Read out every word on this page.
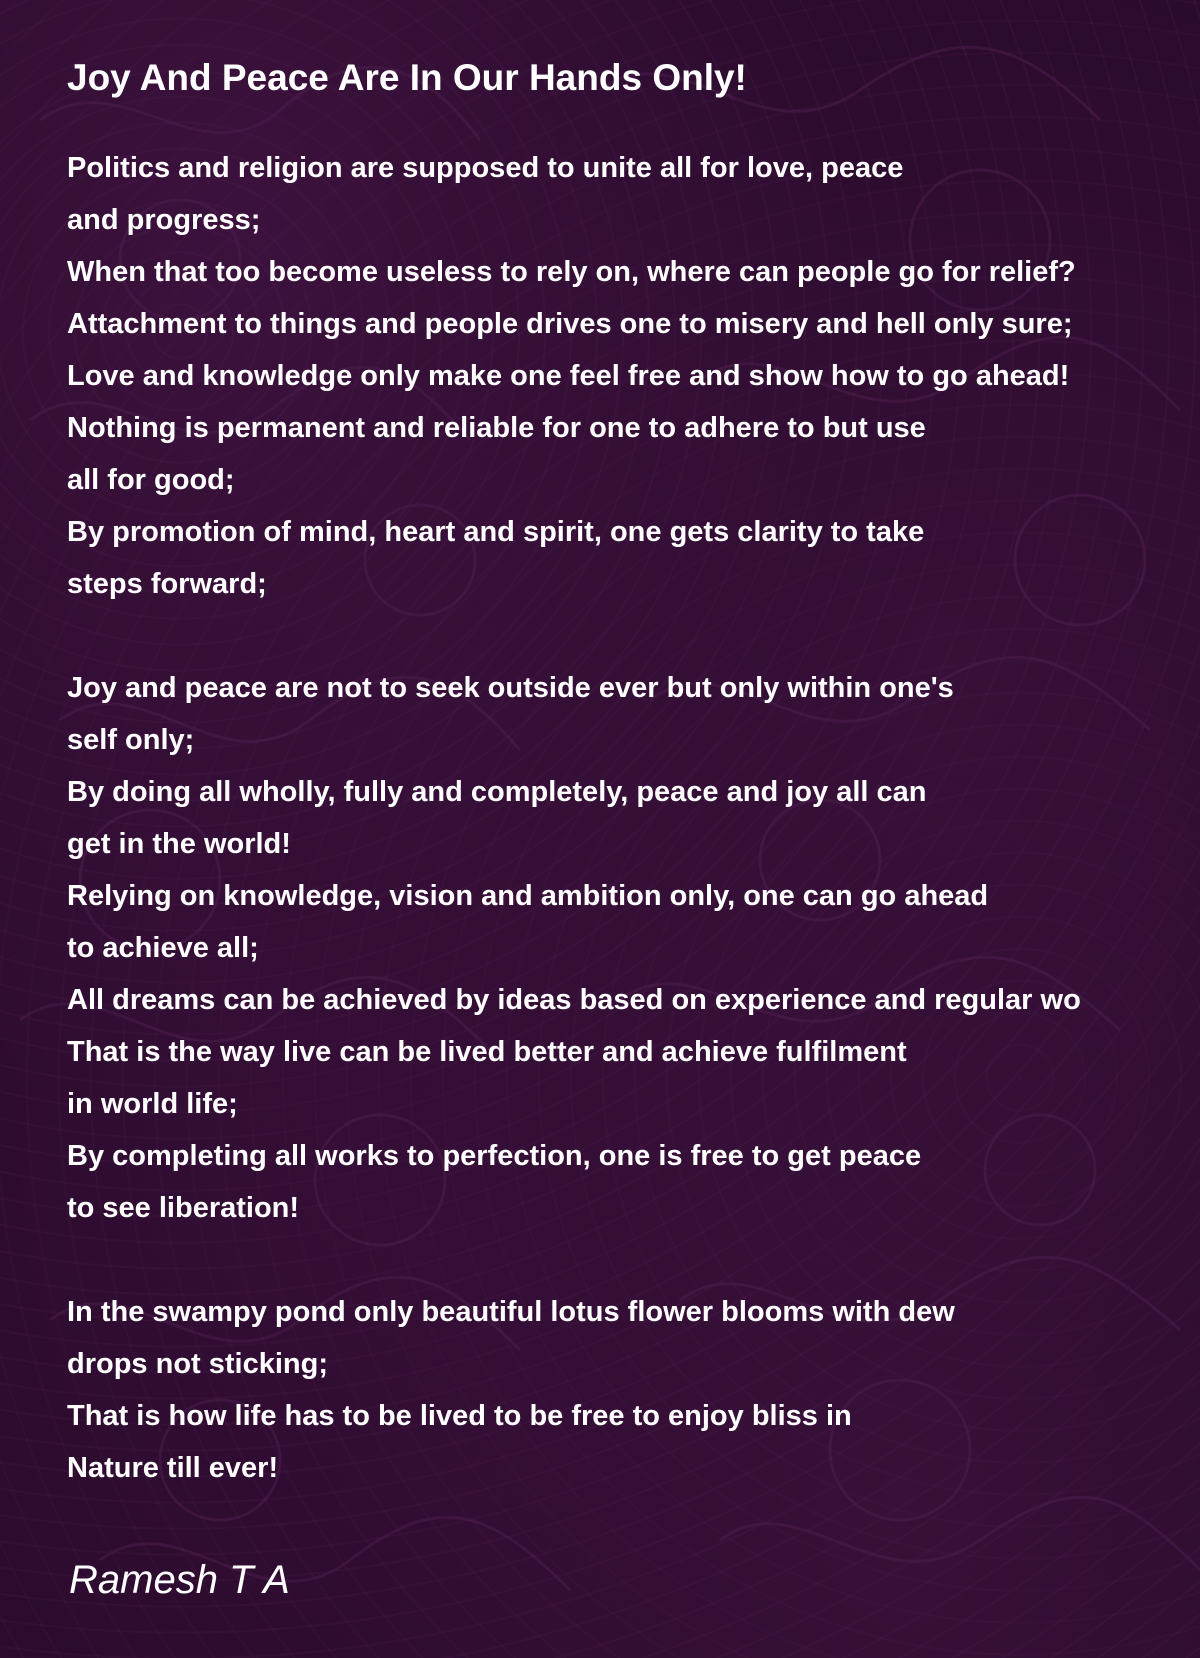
Joy And Peace Are In Our Hands Only!
Politics and religion are supposed to unite all for love, peace
and progress;
When that too become useless to rely on, where can people go for relief?
Attachment to things and people drives one to misery and hell only sure;
Love and knowledge only make one feel free and show how to go ahead!
Nothing is permanent and reliable for one to adhere to but use
all for good;
By promotion of mind, heart and spirit, one gets clarity to take
steps forward;
Joy and peace are not to seek outside ever but only within one's
self only;
By doing all wholly, fully and completely, peace and joy all can
get in the world!
Relying on knowledge, vision and ambition only, one can go ahead
to achieve all;
All dreams can be achieved by ideas based on experience and regular wo
That is the way live can be lived better and achieve fulfilment
in world life;
By completing all works to perfection, one is free to get peace
to see liberation!
In the swampy pond only beautiful lotus flower blooms with dew
drops not sticking;
That is how life has to be lived to be free to enjoy bliss in
Nature till ever!
Ramesh T A
